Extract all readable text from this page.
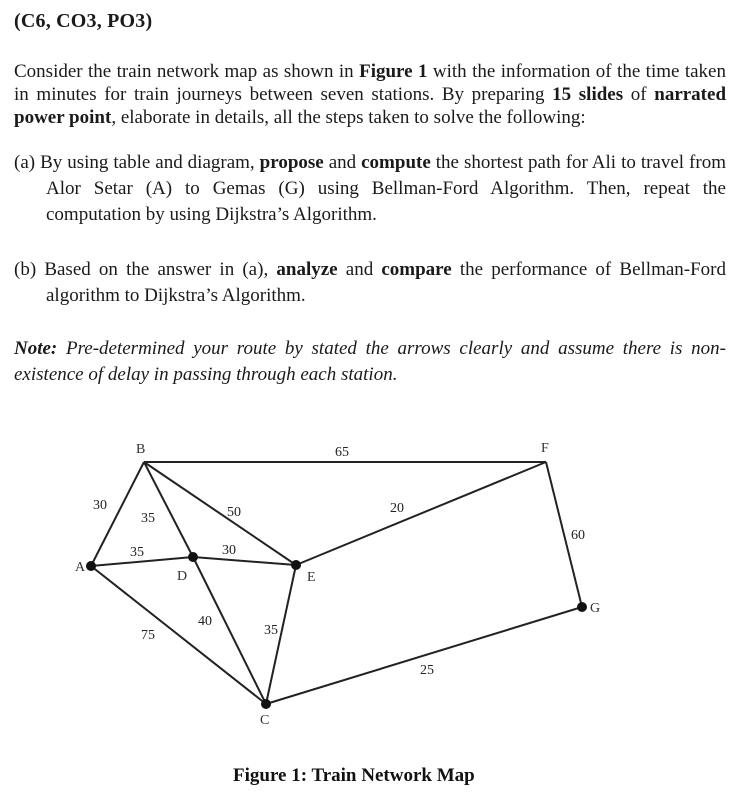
(C6, CO3, PO3)
Consider the train network map as shown in Figure 1 with the information of the time taken in minutes for train journeys between seven stations. By preparing 15 slides of narrated power point, elaborate in details, all the steps taken to solve the following:
(a) By using table and diagram, propose and compute the shortest path for Ali to travel from Alor Setar (A) to Gemas (G) using Bellman-Ford Algorithm. Then, repeat the computation by using Dijkstra’s Algorithm.
(b) Based on the answer in (a), analyze and compare the performance of Bellman-Ford algorithm to Dijkstra’s Algorithm.
Note: Pre-determined your route by stated the arrows clearly and assume there is non-existence of delay in passing through each station.
B	F
A
D	E
G
C
30
35
35
50
30
65
20
60
75
40
35
25
Figure 1: Train Network Map
